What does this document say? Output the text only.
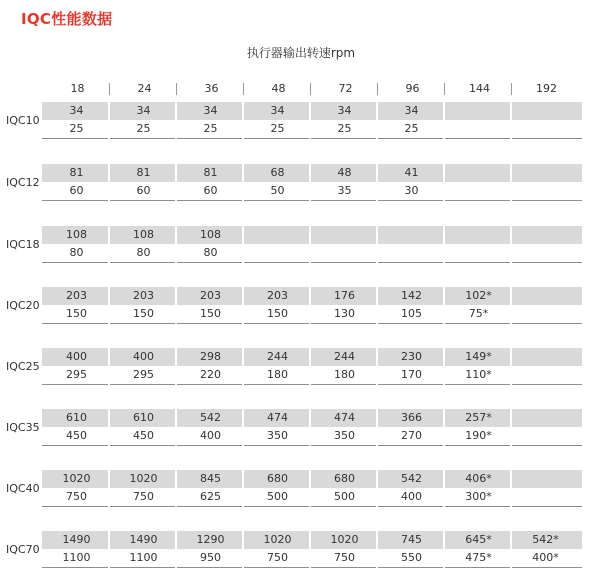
IQC性能数据
执行器输出转速rpm
18	24	36	48	72	96	144	192
IQC10
34	34	34	34	34	34
25	25	25	25	25	25
IQC12
81	81	81	68	48	41
60	60	60	50	35	30
IQC18
108	108	108
80	80	80
IQC20
203	203	203	203	176	142	102*
150	150	150	150	130	105	75*
IQC25
400	400	298	244	244	230	149*
295	295	220	180	180	170	110*
IQC35
610	610	542	474	474	366	257*
450	450	400	350	350	270	190*
IQC40
1020	1020	845	680	680	542	406*
750	750	625	500	500	400	300*
IQC70
1490	1490	1290	1020	1020	745	645*	542*
1100	1100	950	750	750	550	475*	400*
